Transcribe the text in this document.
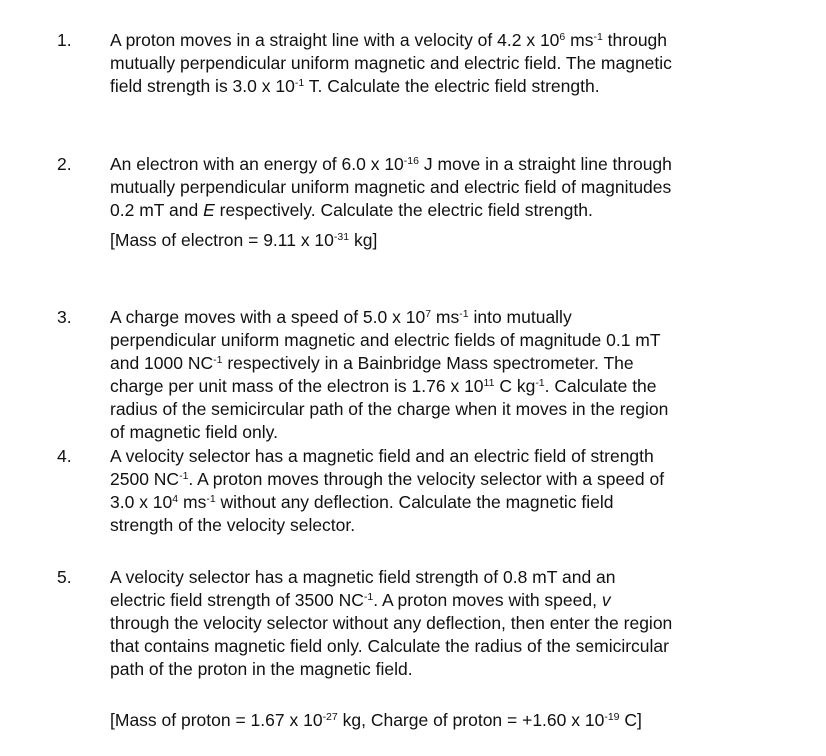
1. A proton moves in a straight line with a velocity of 4.2 x $10^6$ $ms^{-1}$ through
mutually perpendicular uniform magnetic and electric field. The magnetic
field strength is 3.0 x $10^{-1}$ T. Calculate the electric field strength.
2. An electron with an energy of 6.0 x $10^{-16}$ J move in a straight line through
mutually perpendicular uniform magnetic and electric field of magnitudes
0.2 mT and E respectively. Calculate the electric field strength.
[Mass of electron = 9.11 x $10^{-31}$ kg]
3. A charge moves with a speed of 5.0 x $10^7$ $ms^{-1}$ into mutually
perpendicular uniform magnetic and electric fields of magnitude 0.1 mT
and 1000 $NC^{-1}$ respectively in a Bainbridge Mass spectrometer. The
charge per unit mass of the electron is 1.76 x $10^{11}$ C $kg^{-1}$. Calculate the
radius of the semicircular path of the charge when it moves in the region
of magnetic field only.
4. A velocity selector has a magnetic field and an electric field of strength
2500 $NC^{-1}$. A proton moves through the velocity selector with a speed of
3.0 x $10^4$ $ms^{-1}$ without any deflection. Calculate the magnetic field
strength of the velocity selector.
5. A velocity selector has a magnetic field strength of 0.8 mT and an
electric field strength of 3500 $NC^{-1}$. A proton moves with speed, v
through the velocity selector without any deflection, then enter the region
that contains magnetic field only. Calculate the radius of the semicircular
path of the proton in the magnetic field.
[Mass of proton = 1.67 x $10^{-27}$ kg, Charge of proton = +1.60 x $10^{-19}$ C]
